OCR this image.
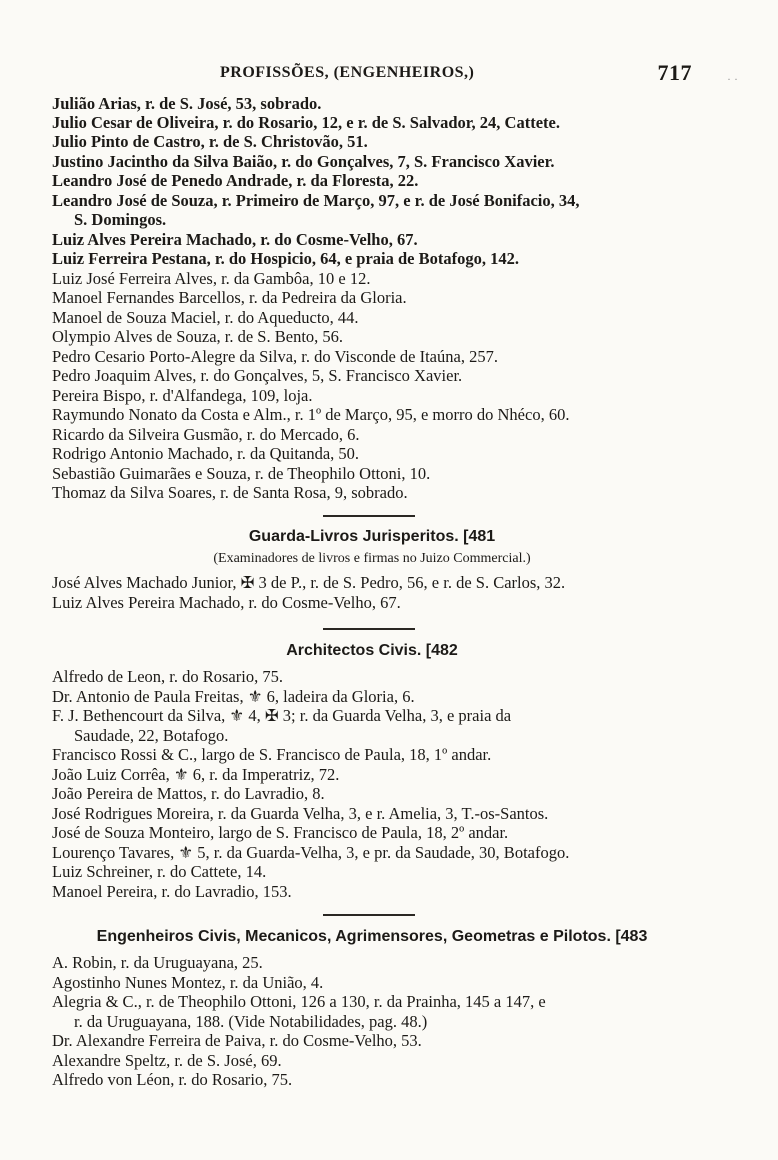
PROFISSÕES, (ENGENHEIROS,)	717	· ·
Julião Arias, r. de S. José, 53, sobrado.
Julio Cesar de Oliveira, r. do Rosario, 12, e r. de S. Salvador, 24, Cattete.
Julio Pinto de Castro, r. de S. Christovão, 51.
Justino Jacintho da Silva Baião, r. do Gonçalves, 7, S. Francisco Xavier.
Leandro José de Penedo Andrade, r. da Floresta, 22.
Leandro José de Souza, r. Primeiro de Março, 97, e r. de José Bonifacio, 34,
S. Domingos.
Luiz Alves Pereira Machado, r. do Cosme-Velho, 67.
Luiz Ferreira Pestana, r. do Hospicio, 64, e praia de Botafogo, 142.
Luiz José Ferreira Alves, r. da Gambôa, 10 e 12.
Manoel Fernandes Barcellos, r. da Pedreira da Gloria.
Manoel de Souza Maciel, r. do Aqueducto, 44.
Olympio Alves de Souza, r. de S. Bento, 56.
Pedro Cesario Porto-Alegre da Silva, r. do Visconde de Itaúna, 257.
Pedro Joaquim Alves, r. do Gonçalves, 5, S. Francisco Xavier.
Pereira Bispo, r. d'Alfandega, 109, loja.
Raymundo Nonato da Costa e Alm., r. 1º de Março, 95, e morro do Nhéco, 60.
Ricardo da Silveira Gusmão, r. do Mercado, 6.
Rodrigo Antonio Machado, r. da Quitanda, 50.
Sebastião Guimarães e Souza, r. de Theophilo Ottoni, 10.
Thomaz da Silva Soares, r. de Santa Rosa, 9, sobrado.
Guarda-Livros Jurisperitos. [481
(Examinadores de livros e firmas no Juizo Commercial.)
José Alves Machado Junior, ✠ 3 de P., r. de S. Pedro, 56, e r. de S. Carlos, 32.
Luiz Alves Pereira Machado, r. do Cosme-Velho, 67.
Architectos Civis. [482
Alfredo de Leon, r. do Rosario, 75.
Dr. Antonio de Paula Freitas, ⚜ 6, ladeira da Gloria, 6.
F. J. Bethencourt da Silva, ⚜ 4, ✠ 3; r. da Guarda Velha, 3, e praia da
Saudade, 22, Botafogo.
Francisco Rossi & C., largo de S. Francisco de Paula, 18, 1º andar.
João Luiz Corrêa, ⚜ 6, r. da Imperatriz, 72.
João Pereira de Mattos, r. do Lavradio, 8.
José Rodrigues Moreira, r. da Guarda Velha, 3, e r. Amelia, 3, T.-os-Santos.
José de Souza Monteiro, largo de S. Francisco de Paula, 18, 2º andar.
Lourenço Tavares, ⚜ 5, r. da Guarda-Velha, 3, e pr. da Saudade, 30, Botafogo.
Luiz Schreiner, r. do Cattete, 14.
Manoel Pereira, r. do Lavradio, 153.
Engenheiros Civis, Mecanicos, Agrimensores, Geometras e Pilotos. [483
A. Robin, r. da Uruguayana, 25.
Agostinho Nunes Montez, r. da União, 4.
Alegria & C., r. de Theophilo Ottoni, 126 a 130, r. da Prainha, 145 a 147, e
r. da Uruguayana, 188. (Vide Notabilidades, pag. 48.)
Dr. Alexandre Ferreira de Paiva, r. do Cosme-Velho, 53.
Alexandre Speltz, r. de S. José, 69.
Alfredo von Léon, r. do Rosario, 75.
